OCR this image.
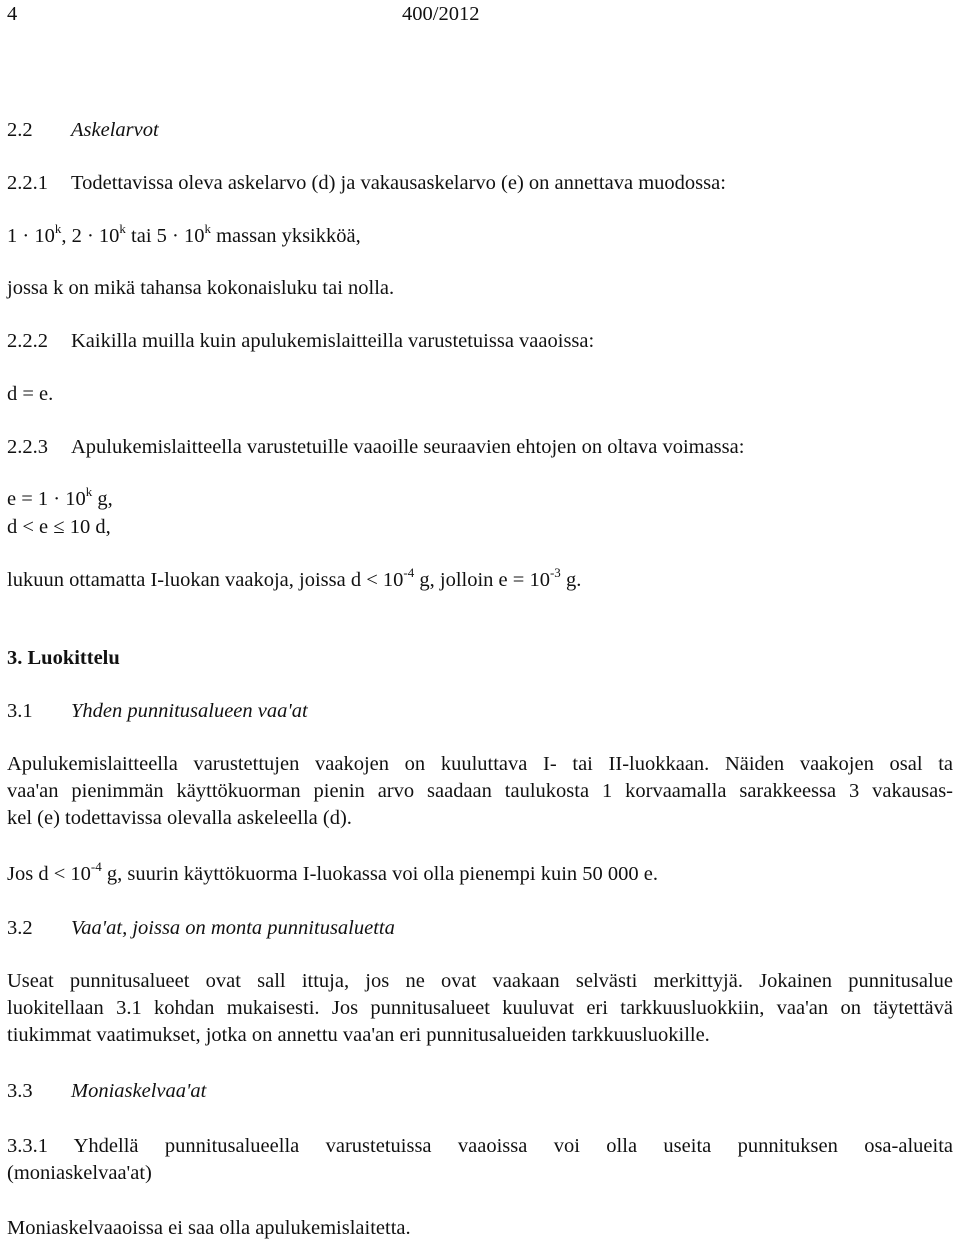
4	400/2012
2.2 Askelarvot
2.2.1 Todettavissa oleva askelarvo (d) ja vakausaskelarvo (e) on annettava muodossa:
$1 \cdot 10^k$, $2 \cdot 10^k$ tai $5 \cdot 10^k$ massan yksikköä,
jossa k on mikä tahansa kokonaisluku tai nolla.
2.2.2 Kaikilla muilla kuin apulukemislaitteilla varustetuissa vaaoissa:
d = e.
2.2.3 Apulukemislaitteella varustetuille vaaoille seuraavien ehtojen on oltava voimassa:
$e = 1 \cdot 10^k$ g,
d < e ≤ 10 d,
lukuun ottamatta I-luokan vaakoja, joissa $d < 10^{-4}$ g, jolloin $e = 10^{-3}$ g.
3. Luokittelu
3.1 Yhden punnitusalueen vaa'at
Apulukemislaitteella varustettujen vaakojen on kuuluttava I- tai II-luokkaan. Näiden vaakojen osal ta
vaa'an pienimmän käyttökuorman pienin arvo saadaan taulukosta 1 korvaamalla sarakkeessa 3 vakausas-
kel (e) todettavissa olevalla askeleella (d).
Jos $d < 10^{-4}$ g, suurin käyttökuorma I-luokassa voi olla pienempi kuin 50 000 e.
3.2 Vaa'at, joissa on monta punnitusaluetta
Useat punnitusalueet ovat sall ittuja, jos ne ovat vaakaan selvästi merkittyjä. Jokainen punnitusalue
luokitellaan 3.1 kohdan mukaisesti. Jos punnitusalueet kuuluvat eri tarkkuusluokkiin, vaa'an on täytettävä
tiukimmat vaatimukset, jotka on annettu vaa'an eri punnitusalueiden tarkkuusluokille.
3.3 Moniaskelvaa'at
3.3.1 Yhdellä punnitusalueella varustetuissa vaaoissa voi olla useita punnituksen osa-alueita
(moniaskelvaa'at)
Moniaskelvaaoissa ei saa olla apulukemislaitetta.
